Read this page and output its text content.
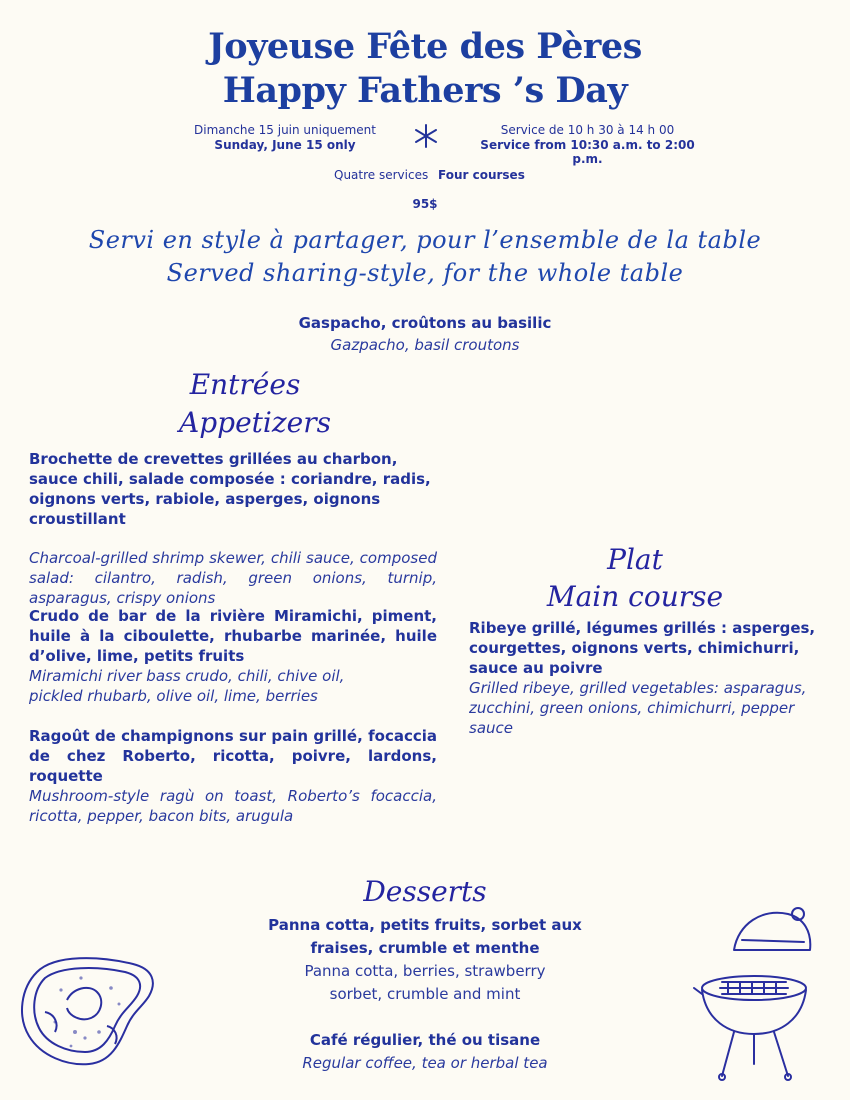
Joyeuse Fête des Pères
Happy Fathers ’s Day
Dimanche 15 juin uniquement
Sunday, June 15 only
Service de 10 h 30 à 14 h 00
Service from 10:30 a.m. to 2:00 p.m.
Quatre services Four courses
95$
Servi en style à partager, pour l’ensemble de la table
Served sharing-style, for the whole table
Gaspacho, croûtons au basilic
Gazpacho, basil croutons
Entrées
Appetizers
Brochette de crevettes grillées au charbon, sauce chili, salade composée : coriandre, radis, oignons verts, rabiole, asperges, oignons croustillant
Charcoal-grilled shrimp skewer, chili sauce, composed salad: cilantro, radish, green onions, turnip, asparagus, crispy onions
Crudo de bar de la rivière Miramichi, piment, huile à la ciboulette, rhubarbe marinée, huile d’olive, lime, petits fruits
Miramichi river bass crudo, chili, chive oil, pickled rhubarb, olive oil, lime, berries
Ragoût de champignons sur pain grillé, focaccia de chez Roberto, ricotta, poivre, lardons, roquette
Mushroom-style ragù on toast, Roberto’s focaccia, ricotta, pepper, bacon bits, arugula
Plat
Main course
Ribeye grillé, légumes grillés : asperges, courgettes, oignons verts, chimichurri, sauce au poivre
Grilled ribeye, grilled vegetables: asparagus, zucchini, green onions, chimichurri, pepper sauce
Desserts
Panna cotta, petits fruits, sorbet aux
fraises, crumble et menthe
Panna cotta, berries, strawberry
sorbet, crumble and mint
Café régulier, thé ou tisane
Regular coffee, tea or herbal tea
